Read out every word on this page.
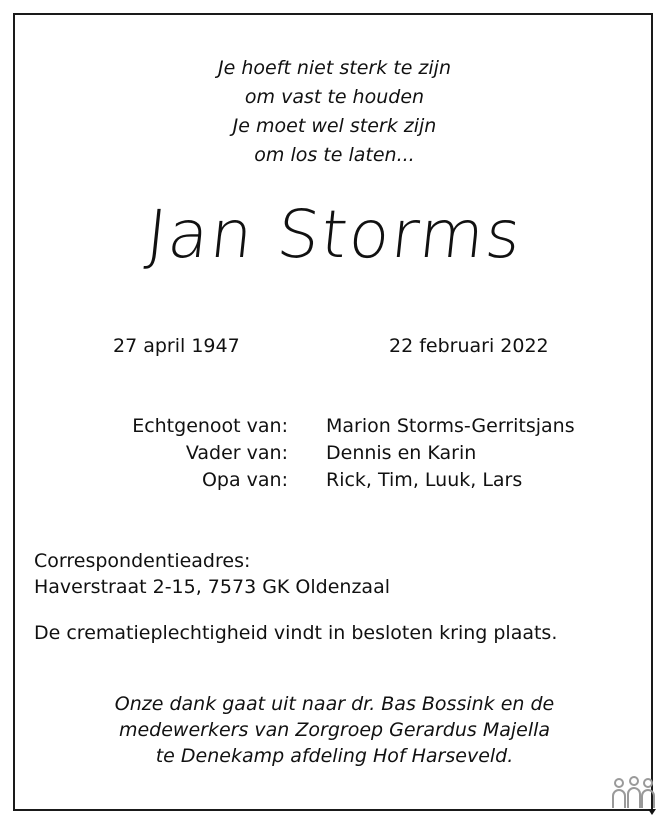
Je hoeft niet sterk te zijn
om vast te houden
Je moet wel sterk zijn
om los te laten...
Jan Storms
27 april 1947	22 februari 2022
Echtgenoot van: Marion Storms-Gerritsjans
Vader van: Dennis en Karin
Opa van: Rick, Tim, Luuk, Lars
Correspondentieadres:
Haverstraat 2-15, 7573 GK Oldenzaal
De crematieplechtigheid vindt in besloten kring plaats.
Onze dank gaat uit naar dr. Bas Bossink en de
medewerkers van Zorgroep Gerardus Majella
te Denekamp afdeling Hof Harseveld.
